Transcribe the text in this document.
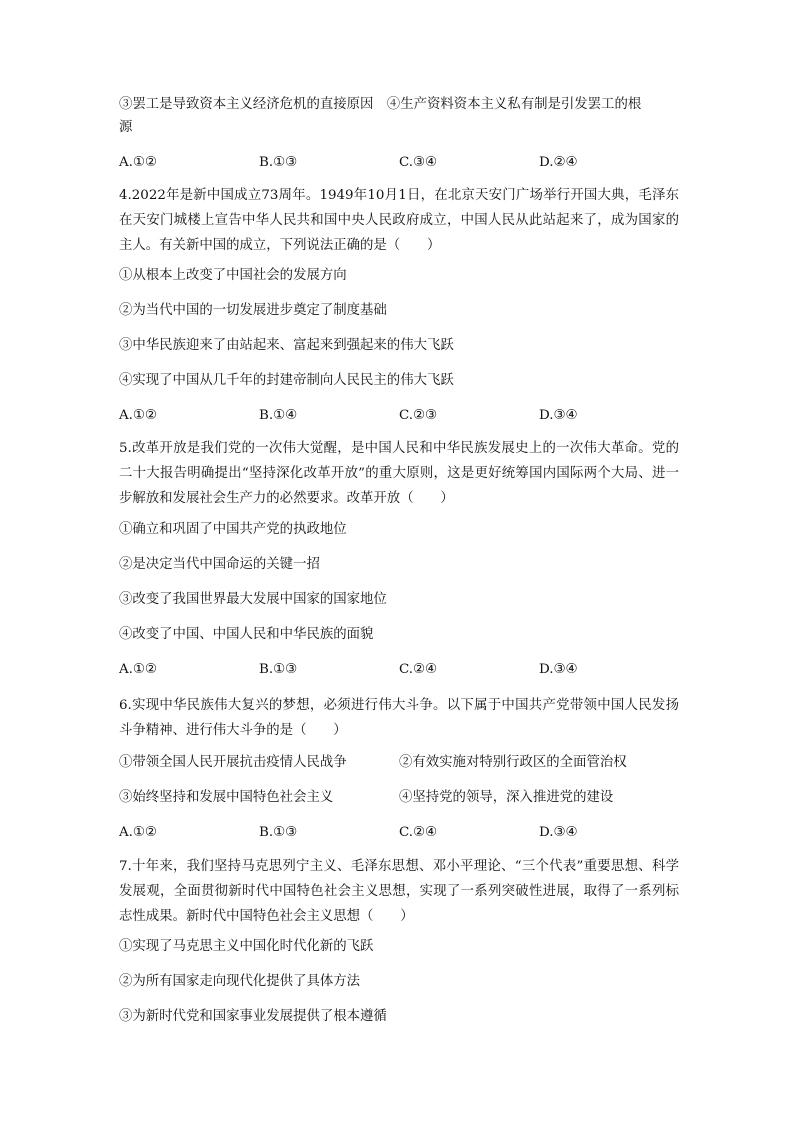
③罢工是导致资本主义经济危机的直接原因　④生产资料资本主义私有制是引发罢工的根
源
A.①②	B.①③	C.③④	D.②④
4.2022年是新中国成立73周年。1949年10月1日，在北京天安门广场举行开国大典，毛泽东在天安门城楼上宣告中华人民共和国中央人民政府成立，中国人民从此站起来了，成为国家的主人。有关新中国的成立，下列说法正确的是（　　）
①从根本上改变了中国社会的发展方向
②为当代中国的一切发展进步奠定了制度基础
③中华民族迎来了由站起来、富起来到强起来的伟大飞跃
④实现了中国从几千年的封建帝制向人民民主的伟大飞跃
A.①②	B.①④	C.②③	D.③④
5.改革开放是我们党的一次伟大觉醒，是中国人民和中华民族发展史上的一次伟大革命。党的二十大报告明确提出“坚持深化改革开放”的重大原则，这是更好统筹国内国际两个大局、进一步解放和发展社会生产力的必然要求。改革开放（　　）
①确立和巩固了中国共产党的执政地位
②是决定当代中国命运的关键一招
③改变了我国世界最大发展中国家的国家地位
④改变了中国、中国人民和中华民族的面貌
A.①②	B.①③	C.②④	D.③④
6.实现中华民族伟大复兴的梦想，必须进行伟大斗争。以下属于中国共产党带领中国人民发扬斗争精神、进行伟大斗争的是（　　）
①带领全国人民开展抗击疫情人民战争	②有效实施对特别行政区的全面管治权
③始终坚持和发展中国特色社会主义	④坚持党的领导，深入推进党的建设
A.①②	B.①③	C.②④	D.③④
7.十年来，我们坚持马克思列宁主义、毛泽东思想、邓小平理论、“三个代表”重要思想、科学发展观，全面贯彻新时代中国特色社会主义思想，实现了一系列突破性进展，取得了一系列标志性成果。新时代中国特色社会主义思想（　　）
①实现了马克思主义中国化时代化新的飞跃
②为所有国家走向现代化提供了具体方法
③为新时代党和国家事业发展提供了根本遵循
